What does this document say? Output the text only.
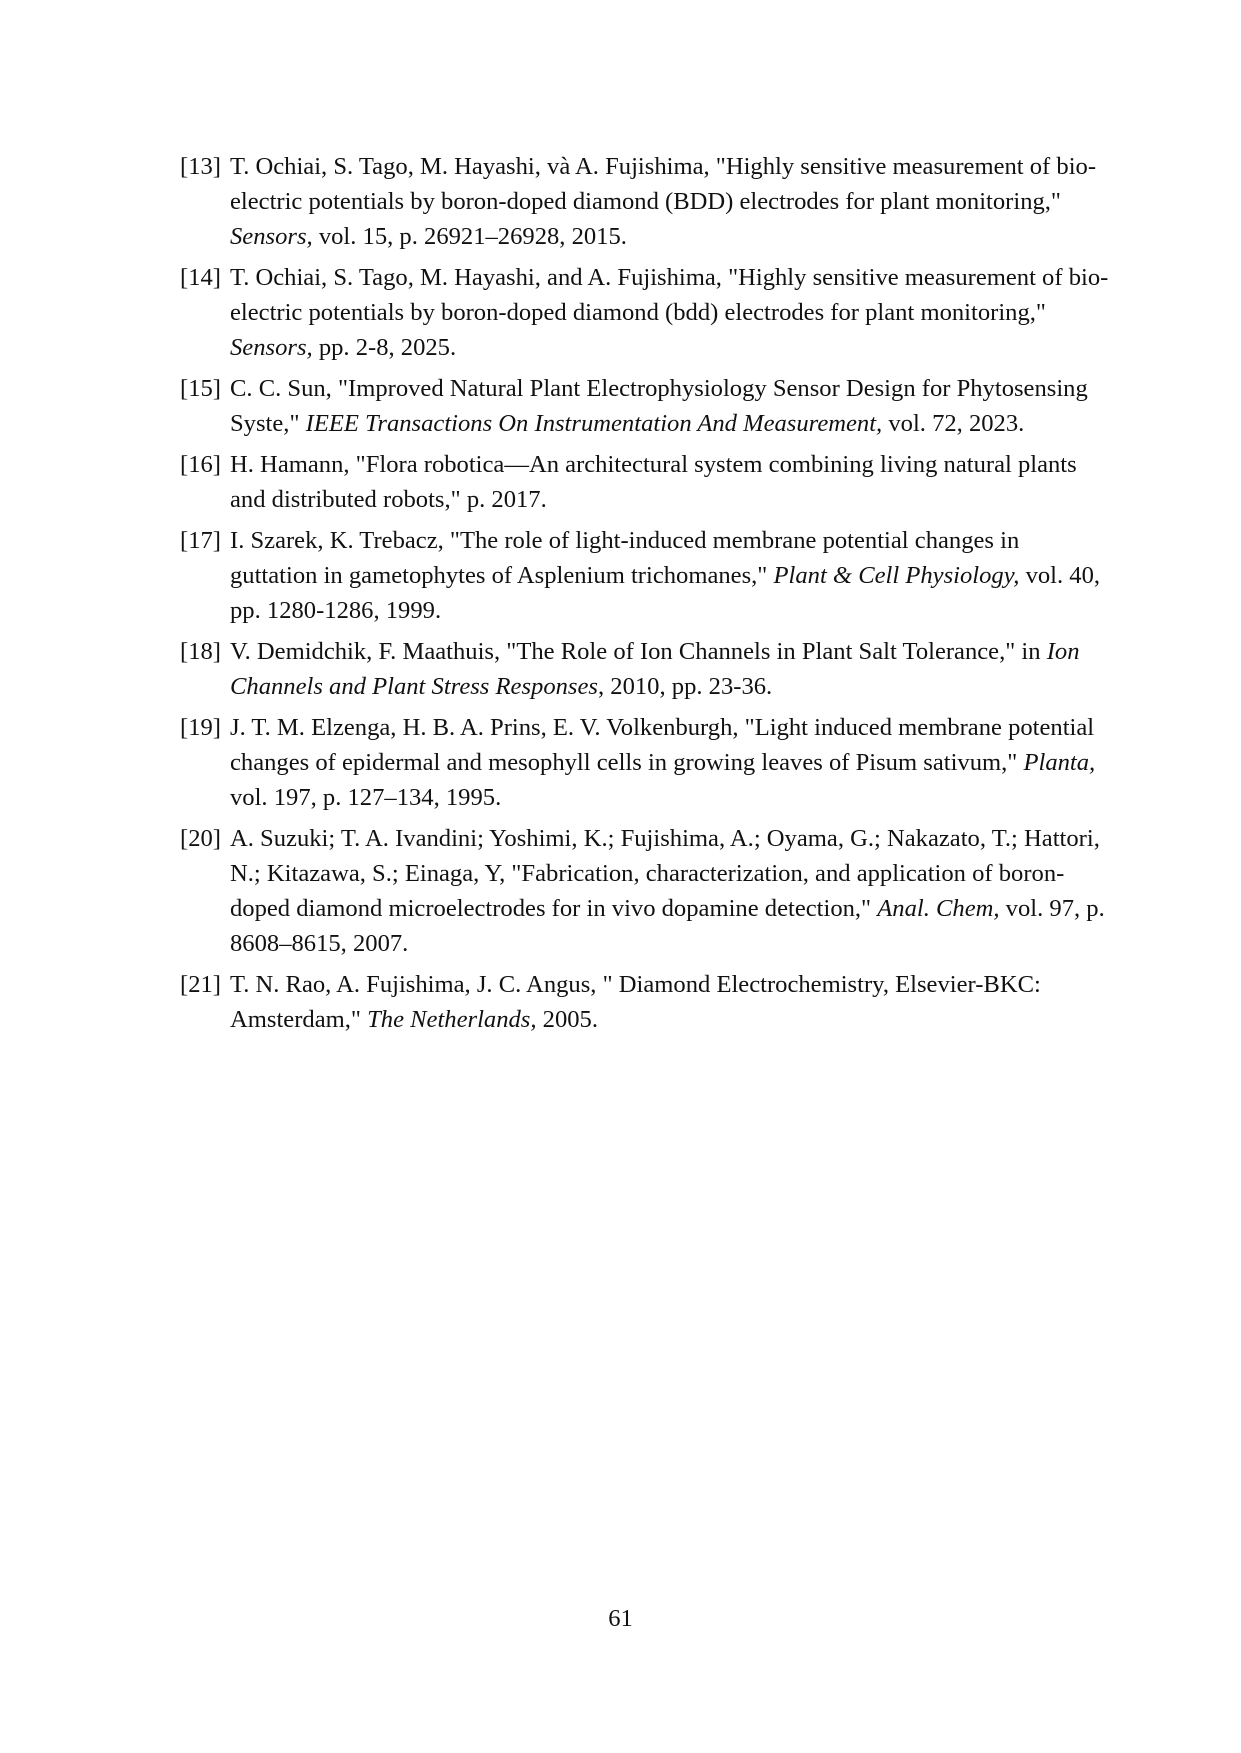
[13] T. Ochiai, S. Tago, M. Hayashi, và A. Fujishima, "Highly sensitive measurement of bio-electric potentials by boron-doped diamond (BDD) electrodes for plant monitoring," Sensors, vol. 15, p. 26921–26928, 2015.
[14] T. Ochiai, S. Tago, M. Hayashi, and A. Fujishima, "Highly sensitive measurement of bio-electric potentials by boron-doped diamond (bdd) electrodes for plant monitoring," Sensors, pp. 2-8, 2025.
[15] C. C. Sun, "Improved Natural Plant Electrophysiology Sensor Design for Phytosensing Syste," IEEE Transactions On Instrumentation And Measurement, vol. 72, 2023.
[16] H. Hamann, "Flora robotica—An architectural system combining living natural plants and distributed robots," p. 2017.
[17] I. Szarek, K. Trebacz, "The role of light-induced membrane potential changes in guttation in gametophytes of Asplenium trichomanes," Plant & Cell Physiology, vol. 40, pp. 1280-1286, 1999.
[18] V. Demidchik, F. Maathuis, "The Role of Ion Channels in Plant Salt Tolerance," in Ion Channels and Plant Stress Responses, 2010, pp. 23-36.
[19] J. T. M. Elzenga, H. B. A. Prins, E. V. Volkenburgh, "Light induced membrane potential changes of epidermal and mesophyll cells in growing leaves of Pisum sativum," Planta, vol. 197, p. 127–134, 1995.
[20] A. Suzuki; T. A. Ivandini; Yoshimi, K.; Fujishima, A.; Oyama, G.; Nakazato, T.; Hattori, N.; Kitazawa, S.; Einaga, Y, "Fabrication, characterization, and application of boron-doped diamond microelectrodes for in vivo dopamine detection," Anal. Chem, vol. 97, p. 8608–8615, 2007.
[21] T. N. Rao, A. Fujishima, J. C. Angus, " Diamond Electrochemistry, Elsevier-BKC: Amsterdam," The Netherlands, 2005.
61
